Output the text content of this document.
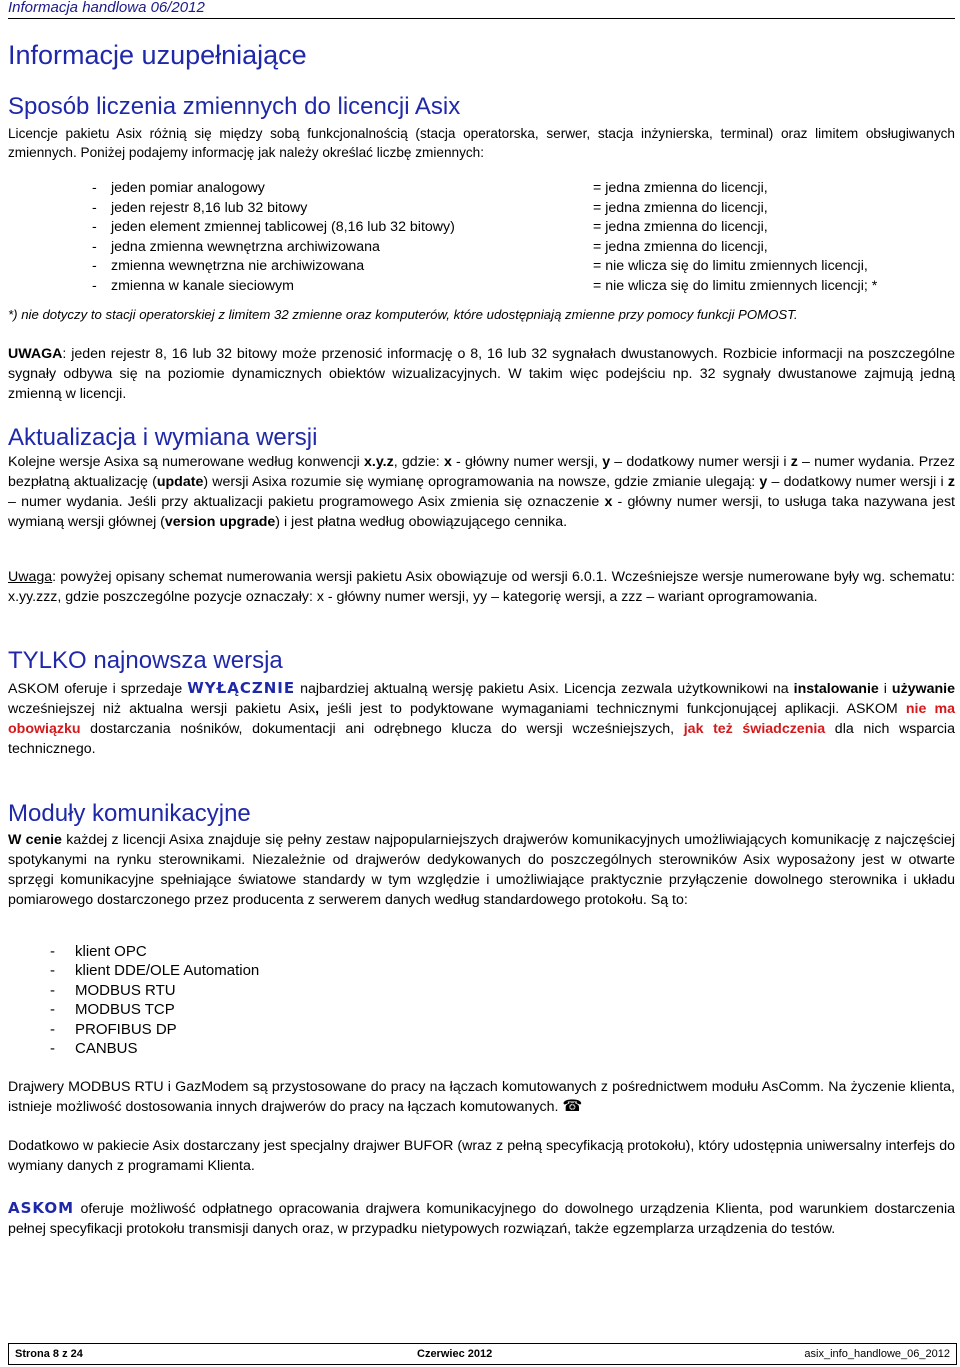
Informacja handlowa 06/2012
Informacje uzupełniające
Sposób liczenia zmiennych do licencji Asix
Licencje pakietu Asix różnią się między sobą funkcjonalnością (stacja operatorska, serwer, stacja inżynierska, terminal) oraz limitem obsługiwanych zmiennych. Poniżej podajemy informację jak należy określać liczbę zmiennych:
- jeden pomiar analogowy	= jedna zmienna do licencji,
- jeden rejestr 8,16 lub 32 bitowy	= jedna zmienna do licencji,
- jeden element zmiennej tablicowej (8,16 lub 32 bitowy)	= jedna zmienna do licencji,
- jedna zmienna wewnętrzna archiwizowana	= jedna zmienna do licencji,
- zmienna wewnętrzna nie archiwizowana	= nie wlicza się do limitu zmiennych licencji,
- zmienna w kanale sieciowym	= nie wlicza się do limitu zmiennych licencji; *
*) nie dotyczy to stacji operatorskiej z limitem 32 zmienne oraz komputerów, które udostępniają zmienne przy pomocy funkcji POMOST.
UWAGA: jeden rejestr 8, 16 lub 32 bitowy może przenosić informację o 8, 16 lub 32 sygnałach dwustanowych. Rozbicie informacji na poszczególne sygnały odbywa się na poziomie dynamicznych obiektów wizualizacyjnych. W takim więc podejściu np. 32 sygnały dwustanowe zajmują jedną zmienną w licencji.
Aktualizacja i wymiana wersji
Kolejne wersje Asixa są numerowane według konwencji x.y.z, gdzie: x - główny numer wersji, y – dodatkowy numer wersji i z – numer wydania. Przez bezpłatną aktualizację (update) wersji Asixa rozumie się wymianę oprogramowania na nowsze, gdzie zmianie ulegają: y – dodatkowy numer wersji i z – numer wydania. Jeśli przy aktualizacji pakietu programowego Asix zmienia się oznaczenie x - główny numer wersji, to usługa taka nazywana jest wymianą wersji głównej (version upgrade) i jest płatna według obowiązującego cennika.
Uwaga: powyżej opisany schemat numerowania wersji pakietu Asix obowiązuje od wersji 6.0.1. Wcześniejsze wersje numerowane były wg. schematu: x.yy.zzz, gdzie poszczególne pozycje oznaczały: x - główny numer wersji, yy – kategorię wersji, a zzz – wariant oprogramowania.
TYLKO najnowsza wersja
ASKOM oferuje i sprzedaje WYŁĄCZNIE najbardziej aktualną wersję pakietu Asix. Licencja zezwala użytkownikowi na instalowanie i używanie wcześniejszej niż aktualna wersji pakietu Asix, jeśli jest to podyktowane wymaganiami technicznymi funkcjonującej aplikacji. ASKOM nie ma obowiązku dostarczania nośników, dokumentacji ani odrębnego klucza do wersji wcześniejszych, jak też świadczenia dla nich wsparcia technicznego.
Moduły komunikacyjne
W cenie każdej z licencji Asixa znajduje się pełny zestaw najpopularniejszych drajwerów komunikacyjnych umożliwiających komunikację z najczęściej spotykanymi na rynku sterownikami. Niezależnie od drajwerów dedykowanych do poszczególnych sterowników Asix wyposażony jest w otwarte sprzęgi komunikacyjne spełniające światowe standardy w tym względzie i umożliwiające praktycznie przyłączenie dowolnego sterownika i układu pomiarowego dostarczonego przez producenta z serwerem danych według standardowego protokołu. Są to:
- klient OPC
- klient DDE/OLE Automation
- MODBUS RTU
- MODBUS TCP
- PROFIBUS DP
- CANBUS
Drajwery MODBUS RTU i GazModem są przystosowane do pracy na łączach komutowanych z pośrednictwem modułu AsComm. Na życzenie klienta, istnieje możliwość dostosowania innych drajwerów do pracy na łączach komutowanych. ☎
Dodatkowo w pakiecie Asix dostarczany jest specjalny drajwer BUFOR (wraz z pełną specyfikacją protokołu), który udostępnia uniwersalny interfejs do wymiany danych z programami Klienta.
ASKOM oferuje możliwość odpłatnego opracowania drajwera komunikacyjnego do dowolnego urządzenia Klienta, pod warunkiem dostarczenia pełnej specyfikacji protokołu transmisji danych oraz, w przypadku nietypowych rozwiązań, także egzemplarza urządzenia do testów.
Strona 8 z 24	Czerwiec 2012	asix_info_handlowe_06_2012
